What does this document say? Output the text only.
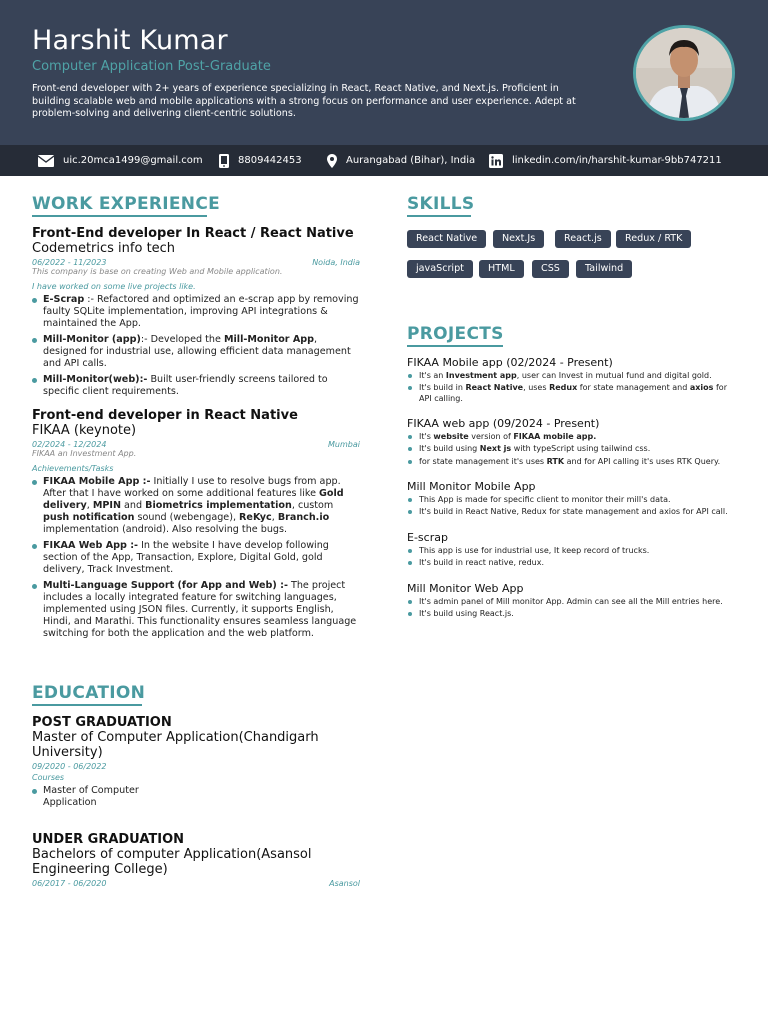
Harshit Kumar
Computer Application Post-Graduate
Front-end developer with 2+ years of experience specializing in React, React Native, and Next.js. Proficient in building scalable web and mobile applications with a strong focus on performance and user experience. Adept at problem-solving and delivering client-centric solutions.
uic.20mca1499@gmail.com	8809442453	Aurangabad (Bihar), India	linkedin.com/in/harshit-kumar-9bb747211
WORK EXPERIENCE
Front-End developer In React / React Native
Codemetrics info tech
06/2022 - 11/2023	Noida, India
This company is base on creating Web and Mobile application.
I have worked on some live projects like.
E-Scrap :- Refactored and optimized an e-scrap app by removing faulty SQLite implementation, improving API integrations & maintained the App.
Mill-Monitor (app):- Developed the Mill-Monitor App, designed for industrial use, allowing efficient data management and API calls.
Mill-Monitor(web):- Built user-friendly screens tailored to specific client requirements.
Front-end developer in React Native
FIKAA (keynote)
02/2024 - 12/2024	Mumbai
FIKAA an Investment App.
Achievements/Tasks
FIKAA Mobile App :- Initially I use to resolve bugs from app. After that I have worked on some additional features like Gold delivery, MPIN and Biometrics implementation, custom push notification sound (webengage), ReKyc, Branch.io implementation (android). Also resolving the bugs.
FIKAA Web App :- In the website I have develop following section of the App, Transaction, Explore, Digital Gold, gold delivery, Track Investment.
Multi-Language Support (for App and Web) :- The project includes a locally integrated feature for switching languages, implemented using JSON files. Currently, it supports English, Hindi, and Marathi. This functionality ensures seamless language switching for both the application and the web platform.
EDUCATION
POST GRADUATION
Master of Computer Application(Chandigarh University)
09/2020 - 06/2022
Courses
Master of Computer Application
UNDER GRADUATION
Bachelors of computer Application(Asansol Engineering College)
06/2017 - 06/2020	Asansol
SKILLS
React Native	Next.Js	React.js	Redux / RTK
javaScript	HTML	CSS	Tailwind
PROJECTS
FIKAA Mobile app (02/2024 - Present)
It's an Investment app, user can Invest in mutual fund and digital gold.
It's build in React Native, uses Redux for state management and axios for API calling.
FIKAA web app (09/2024 - Present)
It's website version of FIKAA mobile app.
It's build using Next js with typeScript using tailwind css.
for state management it's uses RTK and for API calling it's uses RTK Query.
Mill Monitor Mobile App
This App is made for specific client to monitor their mill's data.
It's build in React Native, Redux for state management and axios for API call.
E-scrap
This app is use for industrial use, It keep record of trucks.
It's build in react native, redux.
Mill Monitor Web App
It's admin panel of Mill monitor App. Admin can see all the Mill entries here.
It's build using React.js.
